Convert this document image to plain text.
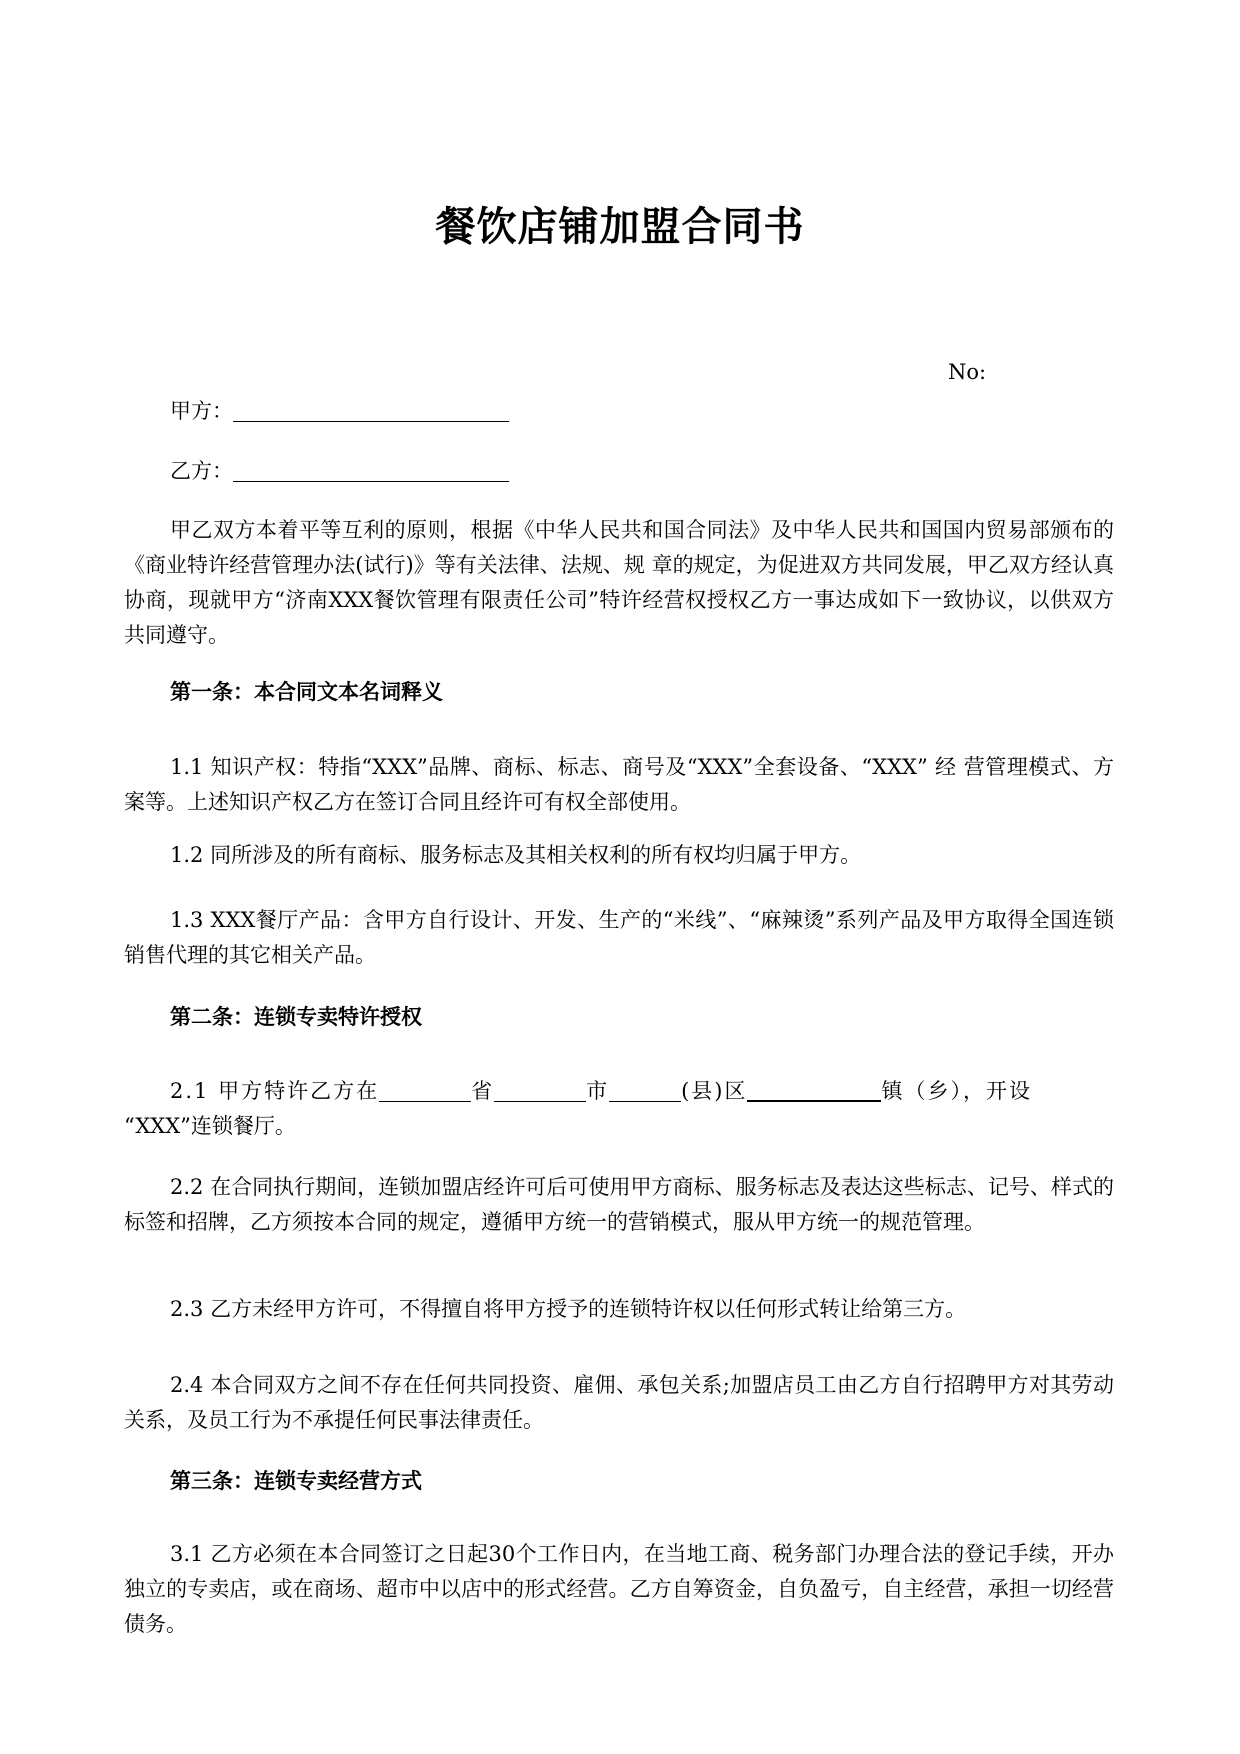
餐饮店铺加盟合同书
No:
甲方：
乙方：

甲乙双方本着平等互利的原则，根据《中华人民共和国合同法》及中华人民共和国国内贸易部颁布的《商业特许经营管理办法(试行)》等有关法律、法规、规 章的规定，为促进双方共同发展，甲乙双方经认真协商，现就甲方“济南XXX餐饮管理有限责任公司”特许经营权授权乙方一事达成如下一致协议，以供双方共同遵守。

第一条：本合同文本名词释义

1.1 知识产权：特指“XXX”品牌、商标、标志、商号及“XXX”全套设备、“XXX” 经 营管理模式、方案等。上述知识产权乙方在签订合同且经许可有权全部使用。

1.2 同所涉及的所有商标、服务标志及其相关权利的所有权均归属于甲方。

1.3 XXX餐厅产品：含甲方自行设计、开发、生产的“米线”、“麻辣烫”系列产品及甲方取得全国连锁销售代理的其它相关产品。

第二条：连锁专卖特许授权
2.1 甲方特许乙方在	省	市	(县)区	镇（乡），开设
“XXX”连锁餐厅。

2.2 在合同执行期间，连锁加盟店经许可后可使用甲方商标、服务标志及表达这些标志、记号、样式的标签和招牌，乙方须按本合同的规定，遵循甲方统一的营销模式，服从甲方统一的规范管理。

2.3 乙方未经甲方许可，不得擅自将甲方授予的连锁特许权以任何形式转让给第三方。

2.4 本合同双方之间不存在任何共同投资、雇佣、承包关系;加盟店员工由乙方自行招聘甲方对其劳动关系，及员工行为不承提任何民事法律责任。

第三条：连锁专卖经营方式

3.1 乙方必须在本合同签订之日起30个工作日内，在当地工商、税务部门办理合法的登记手续，开办独立的专卖店，或在商场、超市中以店中的形式经营。乙方自筹资金，自负盈亏，自主经营，承担一切经营债务。
